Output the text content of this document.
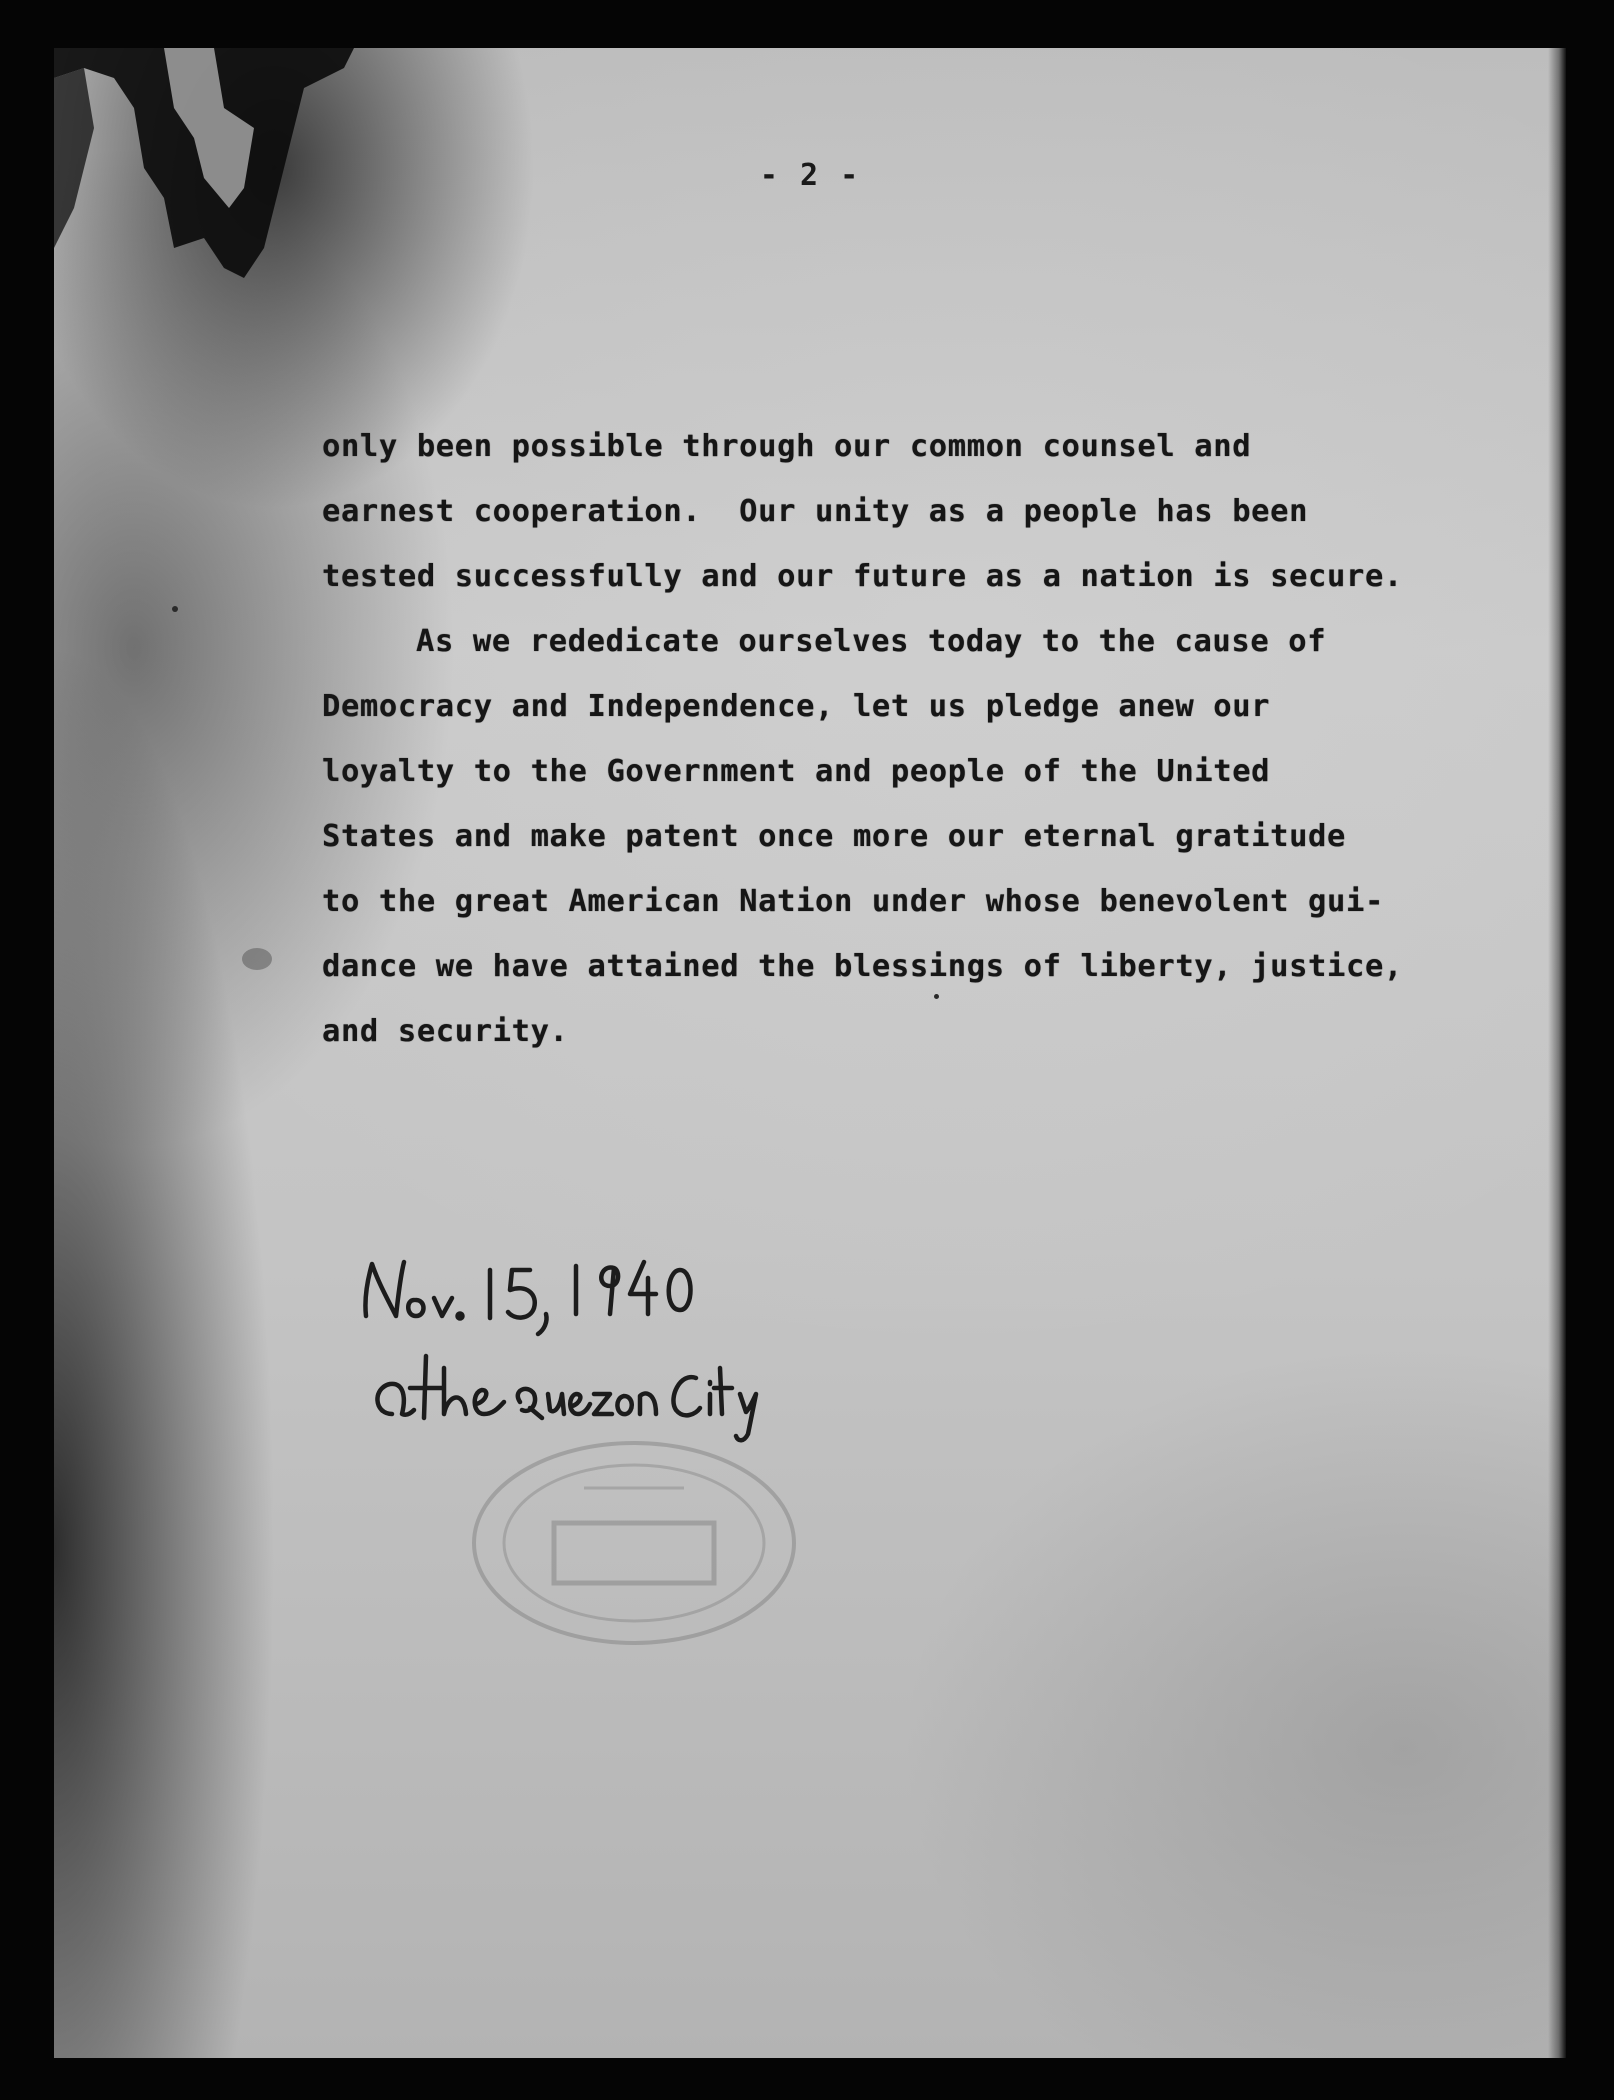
- 2 -
only been possible through our common counsel and
earnest cooperation.  Our unity as a people has been
tested successfully and our future as a nation is secure.
As we rededicate ourselves today to the cause of
Democracy and Independence, let us pledge anew our
loyalty to the Government and people of the United
States and make patent once more our eternal gratitude
to the great American Nation under whose benevolent gui-
dance we have attained the blessings of liberty, justice,
and security.
